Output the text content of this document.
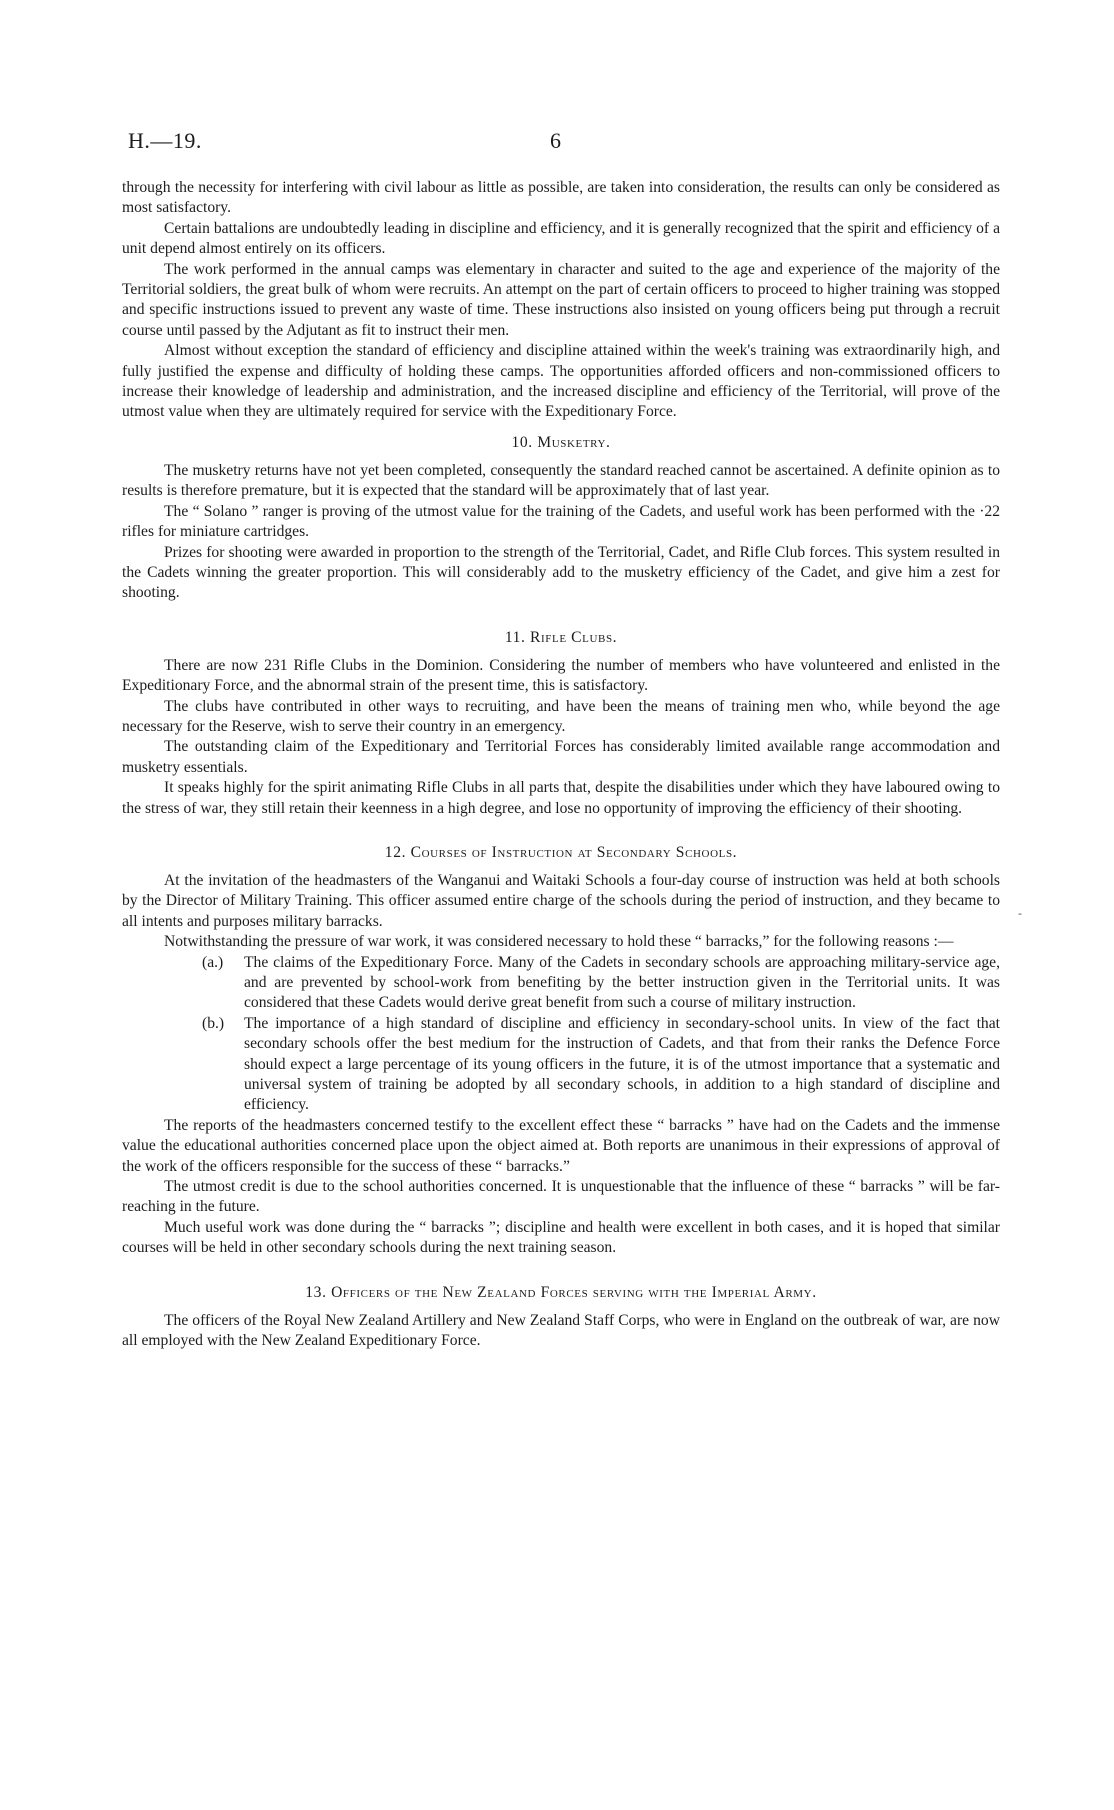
H.—19.	6

through the necessity for interfering with civil labour as little as possible, are taken into consideration, the results can only be considered as most satisfactory.

Certain battalions are undoubtedly leading in discipline and efficiency, and it is generally recognized that the spirit and efficiency of a unit depend almost entirely on its officers.

The work performed in the annual camps was elementary in character and suited to the age and experience of the majority of the Territorial soldiers, the great bulk of whom were recruits. An attempt on the part of certain officers to proceed to higher training was stopped and specific instructions issued to prevent any waste of time. These instructions also insisted on young officers being put through a recruit course until passed by the Adjutant as fit to instruct their men.

Almost without exception the standard of efficiency and discipline attained within the week's training was extraordinarily high, and fully justified the expense and difficulty of holding these camps. The opportunities afforded officers and non-commissioned officers to increase their knowledge of leadership and administration, and the increased discipline and efficiency of the Territorial, will prove of the utmost value when they are ultimately required for service with the Expeditionary Force.

10. Musketry.

The musketry returns have not yet been completed, consequently the standard reached cannot be ascertained. A definite opinion as to results is therefore premature, but it is expected that the standard will be approximately that of last year.

The “ Solano ” ranger is proving of the utmost value for the training of the Cadets, and useful work has been performed with the ·22 rifles for miniature cartridges.

Prizes for shooting were awarded in proportion to the strength of the Territorial, Cadet, and Rifle Club forces. This system resulted in the Cadets winning the greater proportion. This will considerably add to the musketry efficiency of the Cadet, and give him a zest for shooting.

11. Rifle Clubs.

There are now 231 Rifle Clubs in the Dominion. Considering the number of members who have volunteered and enlisted in the Expeditionary Force, and the abnormal strain of the present time, this is satisfactory.

The clubs have contributed in other ways to recruiting, and have been the means of training men who, while beyond the age necessary for the Reserve, wish to serve their country in an emergency.

The outstanding claim of the Expeditionary and Territorial Forces has considerably limited available range accommodation and musketry essentials.

It speaks highly for the spirit animating Rifle Clubs in all parts that, despite the disabilities under which they have laboured owing to the stress of war, they still retain their keenness in a high degree, and lose no opportunity of improving the efficiency of their shooting.

12. Courses of Instruction at Secondary Schools.

At the invitation of the headmasters of the Wanganui and Waitaki Schools a four-day course of instruction was held at both schools by the Director of Military Training. This officer assumed entire charge of the schools during the period of instruction, and they became to all intents and purposes military barracks.

Notwithstanding the pressure of war work, it was considered necessary to hold these “ barracks,” for the following reasons :—

(a.)	The claims of the Expeditionary Force. Many of the Cadets in secondary schools are approaching military-service age, and are prevented by school-work from benefiting by the better instruction given in the Territorial units. It was considered that these Cadets would derive great benefit from such a course of military instruction.
(b.)	The importance of a high standard of discipline and efficiency in secondary-school units. In view of the fact that secondary schools offer the best medium for the instruction of Cadets, and that from their ranks the Defence Force should expect a large percentage of its young officers in the future, it is of the utmost importance that a systematic and universal system of training be adopted by all secondary schools, in addition to a high standard of discipline and efficiency.

The reports of the headmasters concerned testify to the excellent effect these “ barracks ” have had on the Cadets and the immense value the educational authorities concerned place upon the object aimed at. Both reports are unanimous in their expressions of approval of the work of the officers responsible for the success of these “ barracks.”

The utmost credit is due to the school authorities concerned. It is unquestionable that the influence of these “ barracks ” will be far-reaching in the future.

Much useful work was done during the “ barracks ”; discipline and health were excellent in both cases, and it is hoped that similar courses will be held in other secondary schools during the next training season.

13. Officers of the New Zealand Forces serving with the Imperial Army.

The officers of the Royal New Zealand Artillery and New Zealand Staff Corps, who were in England on the outbreak of war, are now all employed with the New Zealand Expeditionary Force.

‐
